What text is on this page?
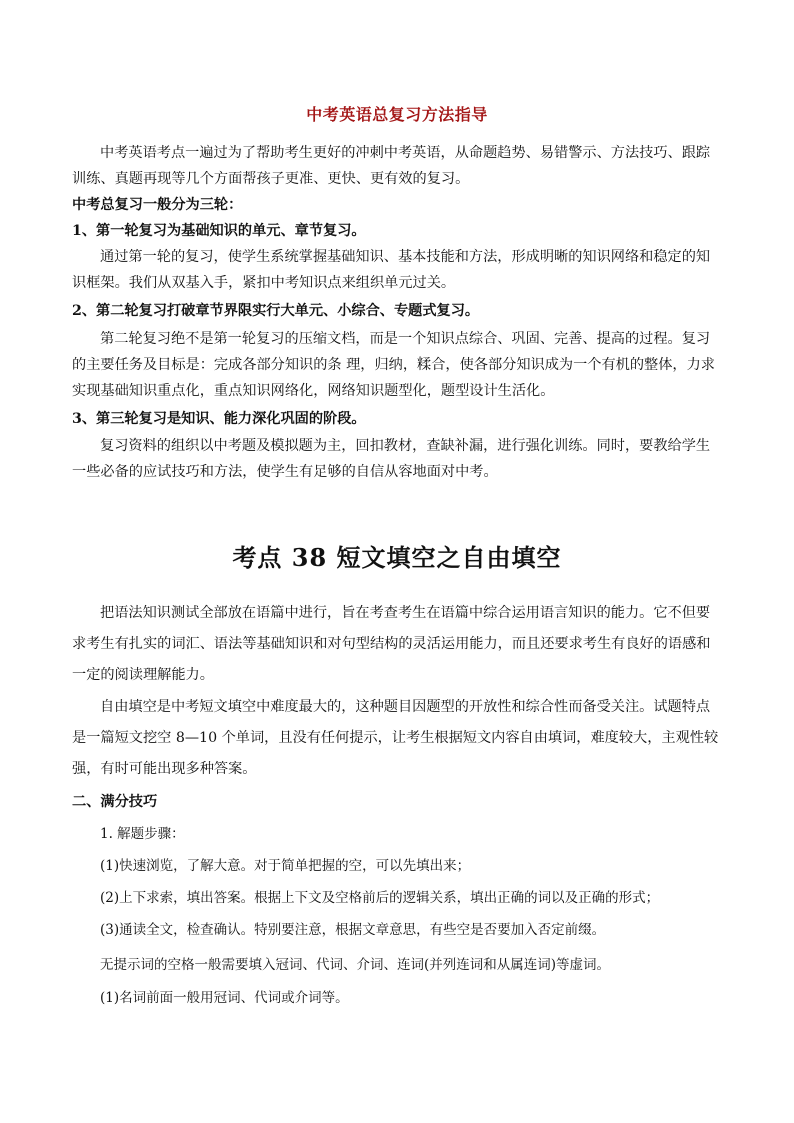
中考英语总复习方法指导
中考英语考点一遍过为了帮助考生更好的冲刺中考英语，从命题趋势、易错警示、方法技巧、跟踪训练、真题再现等几个方面帮孩子更准、更快、更有效的复习。
中考总复习一般分为三轮：
1、第一轮复习为基础知识的单元、章节复习。
通过第一轮的复习，使学生系统掌握基础知识、基本技能和方法，形成明晰的知识网络和稳定的知识框架。我们从双基入手，紧扣中考知识点来组织单元过关。
2、第二轮复习打破章节界限实行大单元、小综合、专题式复习。
第二轮复习绝不是第一轮复习的压缩文档，而是一个知识点综合、巩固、完善、提高的过程。复习的主要任务及目标是：完成各部分知识的条 理，归纳，糅合，使各部分知识成为一个有机的整体，力求实现基础知识重点化，重点知识网络化，网络知识题型化，题型设计生活化。
3、第三轮复习是知识、能力深化巩固的阶段。
复习资料的组织以中考题及模拟题为主，回扣教材，查缺补漏，进行强化训练。同时，要教给学生一些必备的应试技巧和方法，使学生有足够的自信从容地面对中考。
考点 38 短文填空之自由填空
把语法知识测试全部放在语篇中进行，旨在考查考生在语篇中综合运用语言知识的能力。它不但要求考生有扎实的词汇、语法等基础知识和对句型结构的灵活运用能力，而且还要求考生有良好的语感和一定的阅读理解能力。
自由填空是中考短文填空中难度最大的，这种题目因题型的开放性和综合性而备受关注。试题特点是一篇短文挖空 8—10 个单词，且没有任何提示，让考生根据短文内容自由填词，难度较大，主观性较强，有时可能出现多种答案。
二、满分技巧
1. 解题步骤：
(1)快速浏览，了解大意。对于简单把握的空，可以先填出来；
(2)上下求索，填出答案。根据上下文及空格前后的逻辑关系，填出正确的词以及正确的形式；
(3)通读全文，检查确认。特别要注意，根据文章意思，有些空是否要加入否定前缀。
无提示词的空格一般需要填入冠词、代词、介词、连词(并列连词和从属连词)等虚词。
(1)名词前面一般用冠词、代词或介词等。
